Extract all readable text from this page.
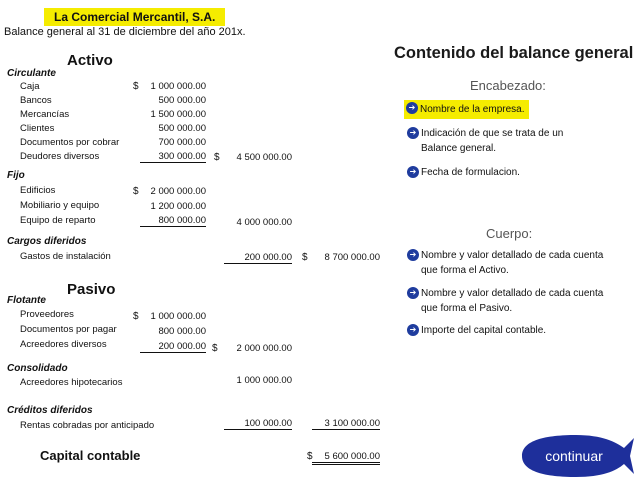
La Comercial Mercantil, S.A.
Balance general al 31 de diciembre del año 201x.
Activo
Circulante
Caja	$	1 000 000.00
Bancos	500 000.00
Mercancías	1 500 000.00
Clientes	500 000.00
Documentos por cobrar	700 000.00
Deudores diversos	300 000.00 $	4 500 000.00
Fijo
Edificios	$	2 000 000.00
Mobiliario y equipo	1 200 000.00
Equipo de reparto	800 000.00	4 000 000.00
Cargos diferidos
Gastos de instalación	200 000.00 $	8 700 000.00
Pasivo
Flotante
Proveedores	$	1 000 000.00
Documentos por pagar	800 000.00
Acreedores diversos	200 000.00 $	2 000 000.00
Consolidado
Acreedores hipotecarios	1 000 000.00
Créditos diferidos
Rentas cobradas por anticipado	100 000.00	3 100 000.00
Capital contable	$	5 600 000.00
Contenido del balance general
Encabezado:
➔ Nombre de la empresa.
➔ Indicación de que se trata de un Balance general.
➔ Fecha de formulacion.
Cuerpo:
➔ Nombre y valor detallado de cada cuenta que forma el Activo.
➔ Nombre y valor detallado de cada cuenta que forma el Pasivo.
➔ Importe del capital contable.
continuar
